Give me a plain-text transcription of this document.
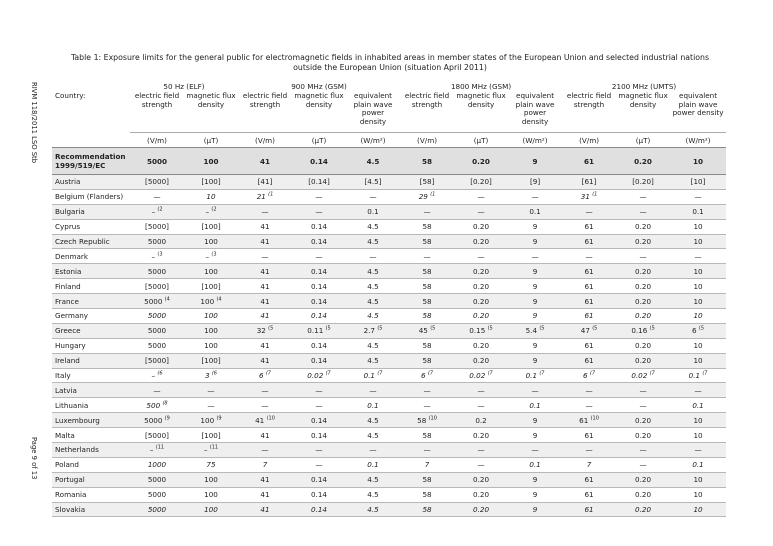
Table 1: Exposure limits for the general public for electromagnetic fields in inhabited areas in member states of the European Union and selected industrial nations outside the European Union (situation April 2011)
RIVM 118/2011 LSO Stb
Page 9 of 13
	50 Hz (ELF)		900 MHz (GSM)			1800 MHz (GSM)			2100 MHz (UMTS)		
Country:	electric field strength	magnetic flux density	electric field strength	magnetic flux density	equivalent plain wave power density	electric field strength	magnetic flux density	equivalent plain wave power density	electric field strength	magnetic flux density	equivalent plain wave power density
	(V/m)	(µT)	(V/m)	(µT)	(W/m²)	(V/m)	(µT)	(W/m²)	(V/m)	(µT)	(W/m²)
Recommendation 1999/519/EC	5000	100	41	0.14	4.5	58	0.20	9	61	0.20	10
Austria	[5000]	[100]	[41]	[0.14]	[4.5]	[58]	[0.20]	[9]	[61]	[0.20]	[10]
Belgium (Flanders)	—	10	21 $^{(1}$	—	—	29 $^{(1}$	—	—	31 $^{(1}$	—	—
Bulgaria	– $^{(2}$	– $^{(2}$	—	—	0.1	—	—	0.1	—	—	0.1
Cyprus	[5000]	[100]	41	0.14	4.5	58	0.20	9	61	0.20	10
Czech Republic	5000	100	41	0.14	4.5	58	0.20	9	61	0.20	10
Denmark	– $^{(3}$	– $^{(3}$	—	—	—	—	—	—	—	—	—
Estonia	5000	100	41	0.14	4.5	58	0.20	9	61	0.20	10
Finland	[5000]	[100]	41	0.14	4.5	58	0.20	9	61	0.20	10
France	5000 $^{(4}$	100 $^{(4}$	41	0.14	4.5	58	0.20	9	61	0.20	10
Germany	5000	100	41	0.14	4.5	58	0.20	9	61	0.20	10
Greece	5000	100	32 $^{(5}$	0.11 $^{(5}$	2.7 $^{(5}$	45 $^{(5}$	0.15 $^{(5}$	5.4 $^{(5}$	47 $^{(5}$	0.16 $^{(5}$	6 $^{(5}$
Hungary	5000	100	41	0.14	4.5	58	0.20	9	61	0.20	10
Ireland	[5000]	[100]	41	0.14	4.5	58	0.20	9	61	0.20	10
Italy	– $^{(6}$	3 $^{(6}$	6 $^{(7}$	0.02 $^{(7}$	0.1 $^{(7}$	6 $^{(7}$	0.02 $^{(7}$	0.1 $^{(7}$	6 $^{(7}$	0.02 $^{(7}$	0.1 $^{(7}$
Latvia	—	—	—	—	—	—	—	—	—	—	—
Lithuania	500 $^{(8}$	—	—	—	0.1	—	—	0.1	—	—	0.1
Luxembourg	5000 $^{(9}$	100 $^{(9}$	41 $^{(10}$	0.14	4.5	58 $^{(10}$	0.2	9	61 $^{(10}$	0.20	10
Malta	[5000]	[100]	41	0.14	4.5	58	0.20	9	61	0.20	10
Netherlands	– $^{(11}$	– $^{(11}$	—	—	—	—	—	—	—	—	—
Poland	1000	75	7	—	0.1	7	—	0.1	7	—	0.1
Portugal	5000	100	41	0.14	4.5	58	0.20	9	61	0.20	10
Romania	5000	100	41	0.14	4.5	58	0.20	9	61	0.20	10
Slovakia	5000	100	41	0.14	4.5	58	0.20	9	61	0.20	10
